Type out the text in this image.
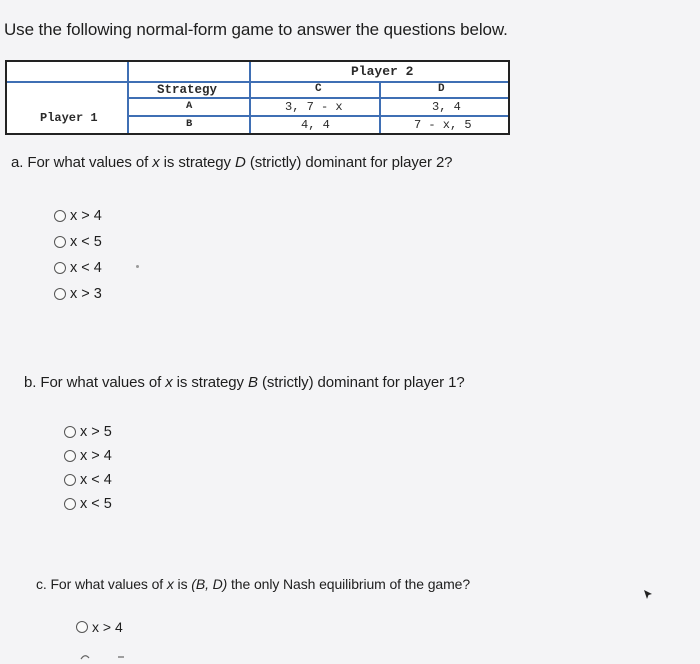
Use the following normal-form game to answer the questions below.
Player 2
Player 1
Strategy	C	D
A	3, 7 - x	3, 4
B	4, 4	7 - x, 5
a. For what values of x is strategy D (strictly) dominant for player 2?
x > 4
x < 5
x < 4
x > 3
b. For what values of x is strategy B (strictly) dominant for player 1?
x > 5
x > 4
x < 4
x < 5
c. For what values of x is (B, D) the only Nash equilibrium of the game?
x > 4
